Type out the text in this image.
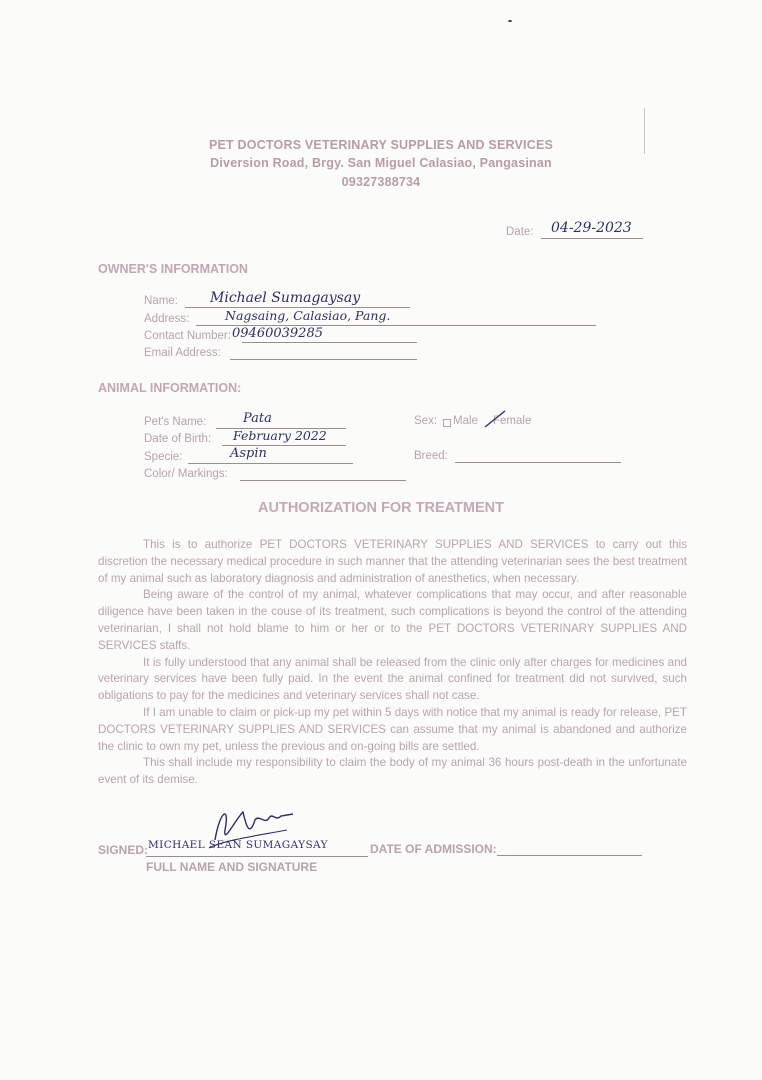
PET DOCTORS VETERINARY SUPPLIES AND SERVICES
Diversion Road, Brgy. San Miguel Calasiao, Pangasinan
09327388734
Date: 04-29-2023
OWNER'S INFORMATION
Name: Michael Sumagaysay
Address:	Nagsaing, Calasiao, Pang.
Contact Number: 09460039285
Email Address:
ANIMAL INFORMATION:
Pet's Name:	Pata
Date of Birth: February 2022
Specie:	Aspin
Color/ Markings:
Sex: Male Female
Breed:
AUTHORIZATION FOR TREATMENT

This is to authorize PET DOCTORS VETERINARY SUPPLIES AND SERVICES to carry out this discretion the necessary medical procedure in such manner that the attending veterinarian sees the best treatment of my animal such as laboratory diagnosis and administration of anesthetics, when necessary.

Being aware of the control of my animal, whatever complications that may occur, and after reasonable diligence have been taken in the couse of its treatment, such complications is beyond the control of the attending veterinarian, I shall not hold blame to him or her or to the PET DOCTORS VETERINARY SUPPLIES AND SERVICES staffs.

It is fully understood that any animal shall be released from the clinic only after charges for medicines and veterinary services have been fully paid. In the event the animal confined for treatment did not survived, such obligations to pay for the medicines and veterinary services shall not case.

If I am unable to claim or pick-up my pet within 5 days with notice that my animal is ready for release, PET DOCTORS VETERINARY SUPPLIES AND SERVICES can assume that my animal is abandoned and authorize the clinic to own my pet, unless the previous and on-going bills are settled.

This shall include my responsibility to claim the body of my animal 36 hours post-death in the unfortunate event of its demise.

SIGNED: MICHAEL SEAN SUMAGAYSAY
FULL NAME AND SIGNATURE
DATE OF ADMISSION:
